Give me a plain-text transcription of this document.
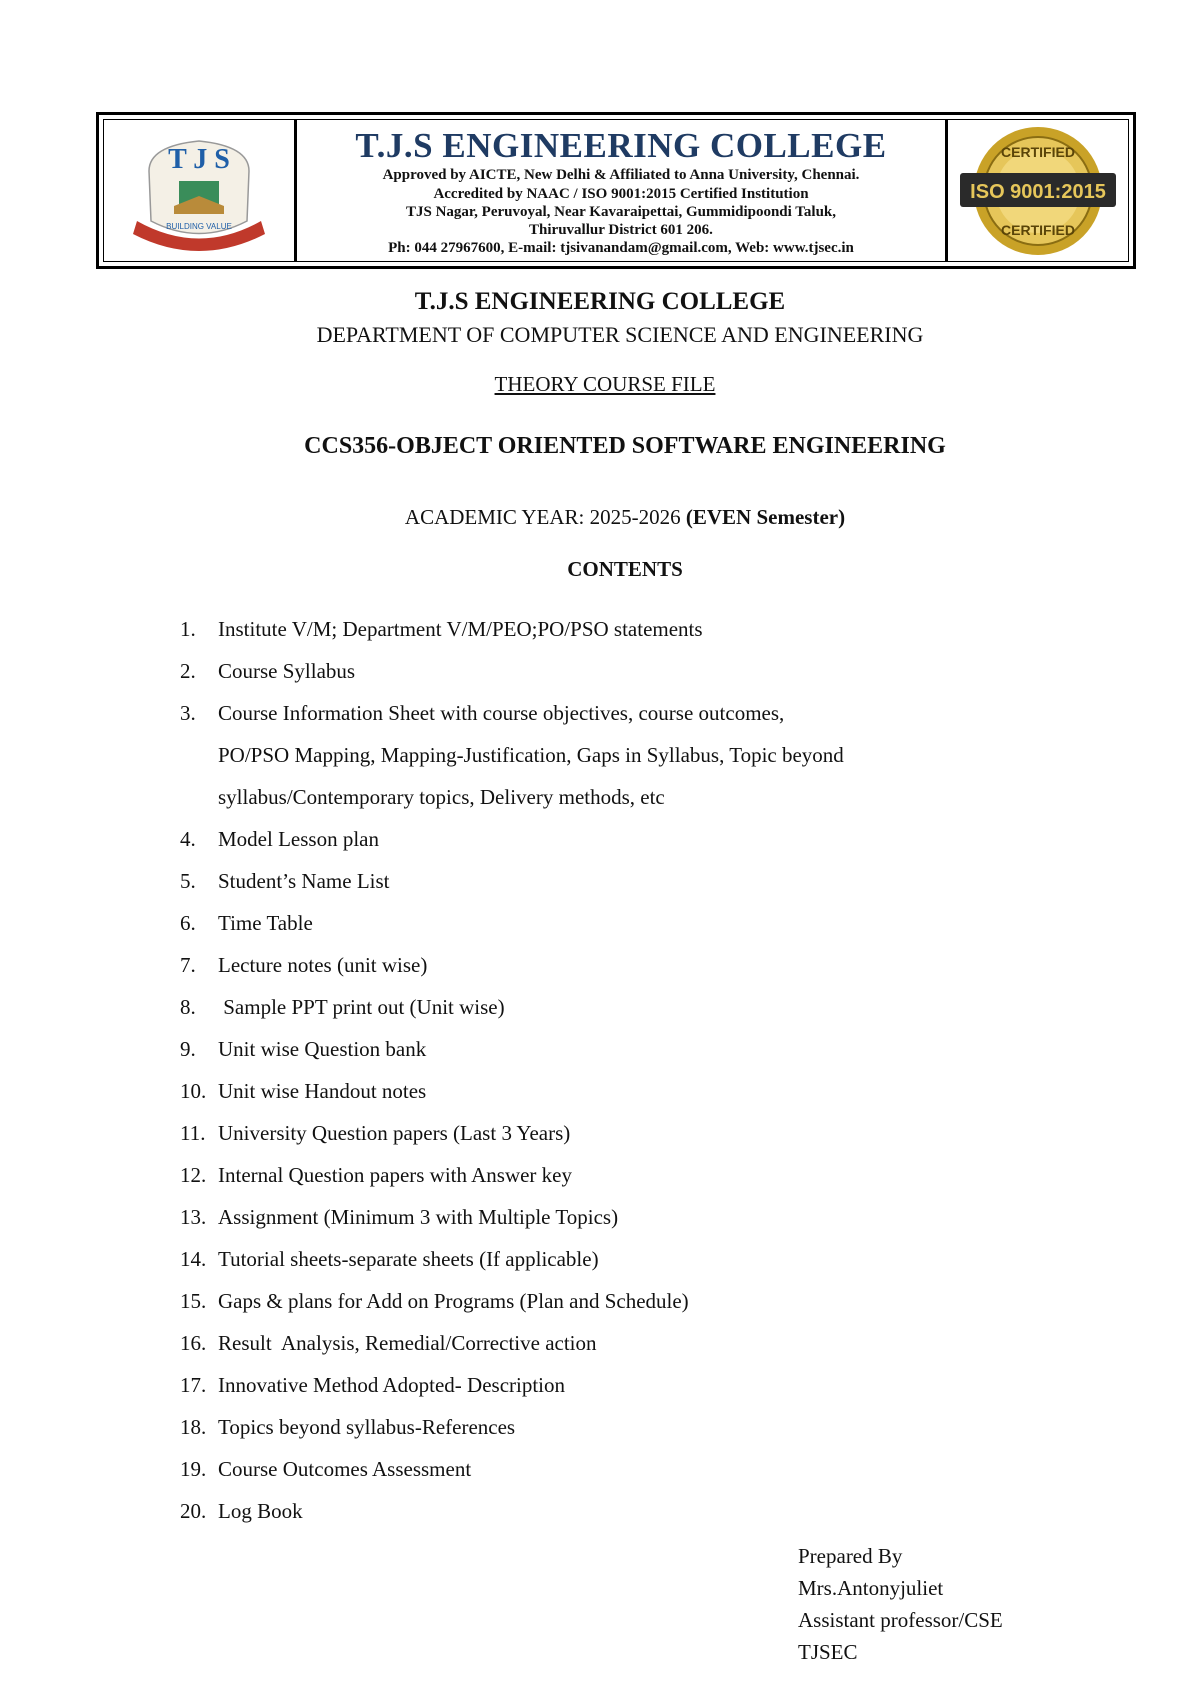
T J S
BUILDING VALUE
T.J.S ENGINEERING COLLEGE
Approved by AICTE, New Delhi & Affiliated to Anna University, Chennai.
Accredited by NAAC / ISO 9001:2015 Certified Institution
TJS Nagar, Peruvoyal, Near Kavaraipettai, Gummidipoondi Taluk,
Thiruvallur District 601 206.
Ph: 044 27967600, E-mail: tjsivanandam@gmail.com, Web: www.tjsec.in
ISO 9001:2015
CERTIFIED
CERTIFIED
T.J.S ENGINEERING COLLEGE
DEPARTMENT OF COMPUTER SCIENCE AND ENGINEERING
THEORY COURSE FILE
CCS356-OBJECT ORIENTED SOFTWARE ENGINEERING
ACADEMIC YEAR: 2025-2026 (EVEN Semester)
CONTENTS
1.	Institute V/M; Department V/M/PEO;PO/PSO statements
2.	Course Syllabus
3.	Course Information Sheet with course objectives, course outcomes,
PO/PSO Mapping, Mapping-Justification, Gaps in Syllabus, Topic beyond
syllabus/Contemporary topics, Delivery methods, etc
4.	Model Lesson plan
5.	Student’s Name List
6.	Time Table
7.	Lecture notes (unit wise)
8.	Sample PPT print out (Unit wise)
9.	Unit wise Question bank
10. Unit wise Handout notes
11. University Question papers (Last 3 Years)
12. Internal Question papers with Answer key
13. Assignment (Minimum 3 with Multiple Topics)
14. Tutorial sheets-separate sheets (If applicable)
15. Gaps & plans for Add on Programs (Plan and Schedule)
16. Result  Analysis, Remedial/Corrective action
17. Innovative Method Adopted- Description
18. Topics beyond syllabus-References
19. Course Outcomes Assessment
20. Log Book
Prepared By
Mrs.Antonyjuliet
Assistant professor/CSE
TJSEC
